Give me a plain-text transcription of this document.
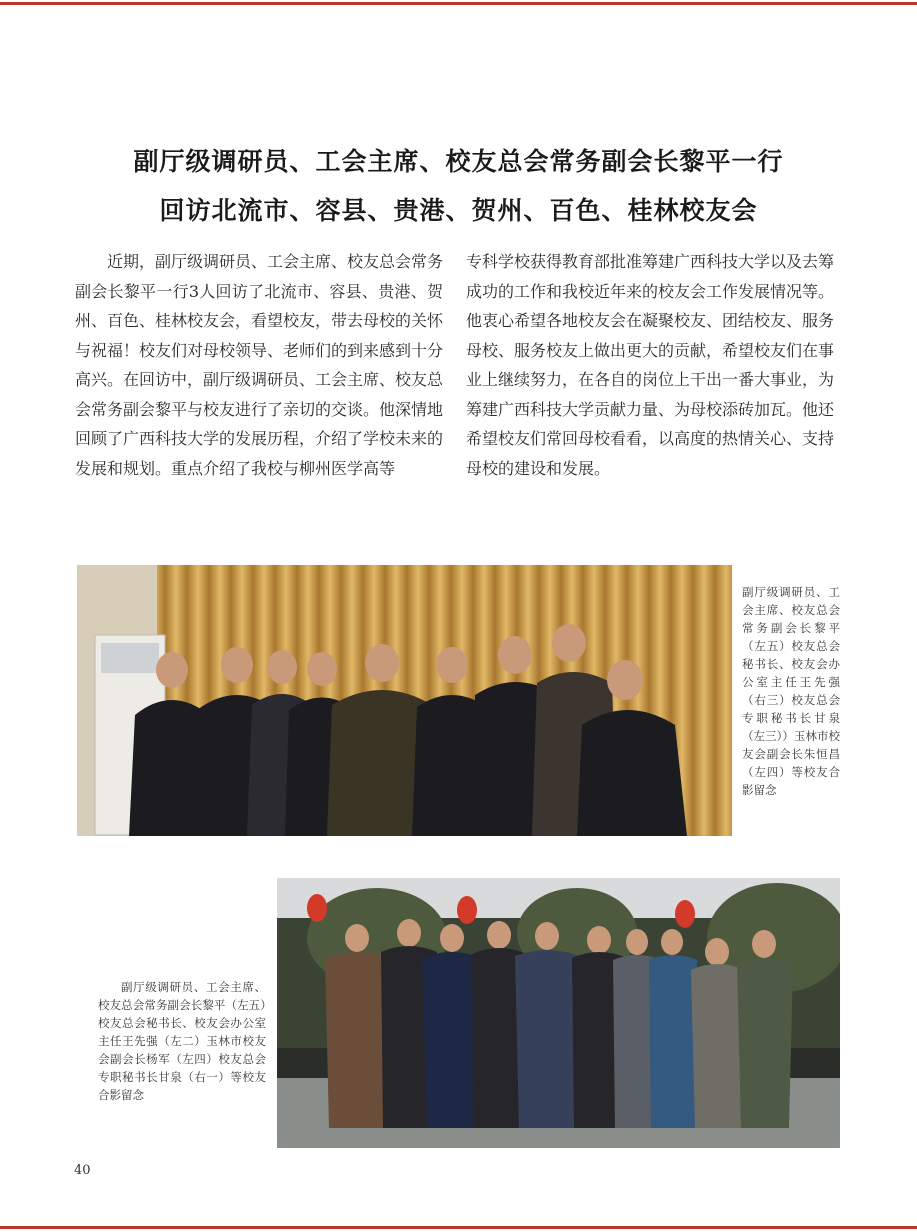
副厅级调研员、工会主席、校友总会常务副会长黎平一行
回访北流市、容县、贵港、贺州、百色、桂林校友会
近期，副厅级调研员、工会主席、校友总会常务副会长黎平一行3人回访了北流市、容县、贵港、贺州、百色、桂林校友会，看望校友，带去母校的关怀与祝福！校友们对母校领导、老师们的到来感到十分高兴。在回访中，副厅级调研员、工会主席、校友总会常务副会黎平与校友进行了亲切的交谈。他深情地回顾了广西科技大学的发展历程，介绍了学校未来的发展和规划。重点介绍了我校与柳州医学高等
专科学校获得教育部批准筹建广西科技大学以及去筹成功的工作和我校近年来的校友会工作发展情况等。他衷心希望各地校友会在凝聚校友、团结校友、服务母校、服务校友上做出更大的贡献，希望校友们在事业上继续努力，在各自的岗位上干出一番大事业，为筹建广西科技大学贡献力量、为母校添砖加瓦。他还希望校友们常回母校看看，以高度的热情关心、支持母校的建设和发展。
副厅级调研员、工会主席、校友总会常务副会长黎平（左五）校友总会秘书长、校友会办公室主任王先强（右三）校友总会专职秘书长甘泉（左三））玉林市校友会副会长朱恒昌（左四）等校友合影留念
副厅级调研员、工会主席、校友总会常务副会长黎平（左五）校友总会秘书长、校友会办公室主任王先强（左二）玉林市校友会副会长杨军（左四）校友总会专职秘书长甘泉（右一）等校友合影留念
40
